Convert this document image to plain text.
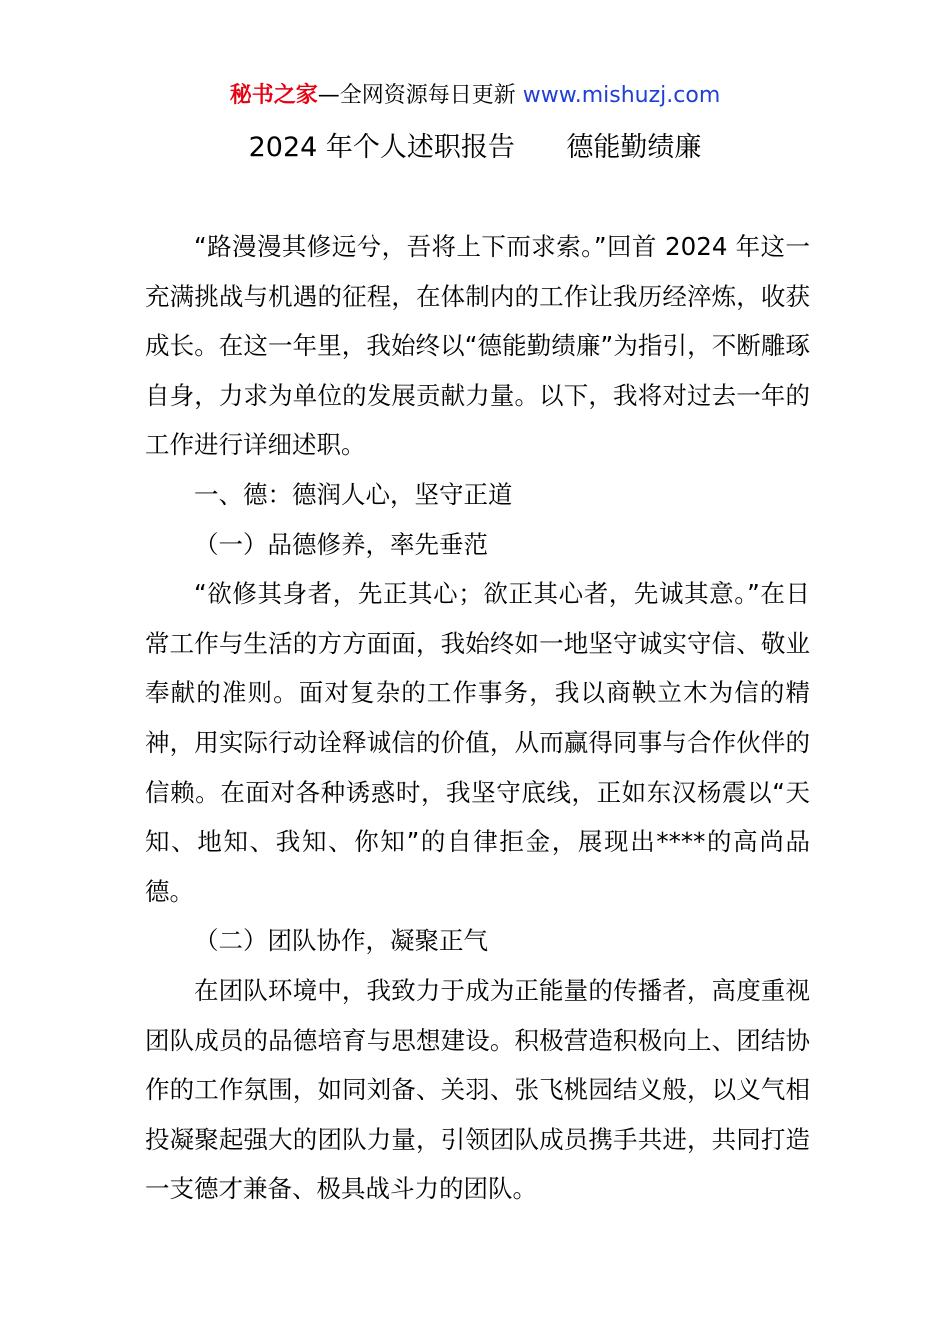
秘书之家—全网资源每日更新 www.mishuzj.com
2024 年个人述职报告      德能勤绩廉

“路漫漫其修远兮，吾将上下而求索。”回首 2024 年这一充满挑战与机遇的征程，在体制内的工作让我历经淬炼，收获成长。在这一年里，我始终以“德能勤绩廉”为指引，不断雕琢自身，力求为单位的发展贡献力量。以下，我将对过去一年的工作进行详细述职。

一、德：德润人心，坚守正道

（一）品德修养，率先垂范

“欲修其身者，先正其心；欲正其心者，先诚其意。”在日常工作与生活的方方面面，我始终如一地坚守诚实守信、敬业奉献的准则。面对复杂的工作事务，我以商鞅立木为信的精神，用实际行动诠释诚信的价值，从而赢得同事与合作伙伴的信赖。在面对各种诱惑时，我坚守底线，正如东汉杨震以“天知、地知、我知、你知”的自律拒金，展现出****的高尚品德。

（二）团队协作，凝聚正气

在团队环境中，我致力于成为正能量的传播者，高度重视团队成员的品德培育与思想建设。积极营造积极向上、团结协作的工作氛围，如同刘备、关羽、张飞桃园结义般，以义气相投凝聚起强大的团队力量，引领团队成员携手共进，共同打造一支德才兼备、极具战斗力的团队。
